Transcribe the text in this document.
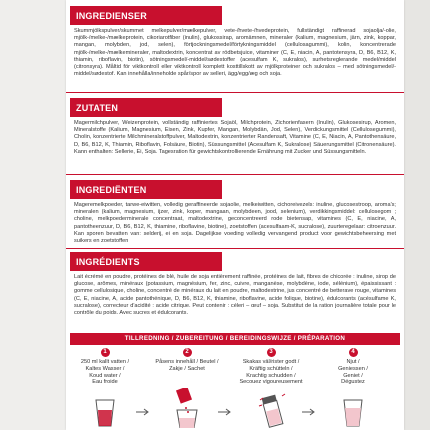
INGREDIENSER
Skummjölkspulver/skummet melkepulver/mælkepulver, vete-/hvete-/hvedeprotein, fullständigt raffinerad sojaolja/-olie, mjölk-/melke-/mælkeprotein, cikoriarotfiber (inulin), glukossirap, aromämnen, mineraler (kalium, magnesium, järn, zink, koppar, mangan, molybden, jod, selen), förtjockningsmedel/förtykningsmiddel (cellulosagummi), kolin, koncentrerade mjölk-/melke-/mælkemineraler, maltodextrin, koncentrat av rödbetsjuice, vitaminer (C, E, niacin, A, pantotensyra, D, B6, B12, K, thiamin, riboflavin, biotin), sötningsmedel/-middel/sødestoffer (acesulfam K, sukralos), surhetsreglerande medel/middel (citronsyra). Måltid för viktkontroll eller viktkontroll komplett kosttillskott av mjölkproteiner och sukralos – med sötningsmedel/-middel/sødestof. Kan innehålla/inneholde spår/spor av selleri, ägg/egg/æg och soja.
ZUTATEN
Magermilchpulver, Weizenprotein, vollständig raffiniertes Sojaöl, Milchprotein, Zichorienfasern (Inulin), Glukosesirup, Aromen, Mineralstoffe (Kalium, Magnesium, Eisen, Zink, Kupfer, Mangan, Molybdän, Jod, Selen), Verdickungsmittel (Cellulosegummi), Cholin, konzentrierte Milchmineralstoffpulver, Maltodextrin, konzentrierter Randensaft, Vitamine (C, E, Niacin, A, Pantothensäure, D, B6, B12, K, Thiamin, Riboflavin, Folsäure, Biotin), Süssungsmittel (Acesulfam K, Sukralose) Säuerungsmittel (Citronensäure). Kann enthalten: Sellerie, Ei, Soja. Tagesration für gewichtskontrollierende Ernährung mit Zucker und Süssungsmitteln.
INGREDIËNTEN
Mageremelkpoeder, tarwe-eiwitten, volledig geraffineerde sojaolie, melkeiwitten, cichoreivezels: inuline, glucosestroop, aroma's; mineralen (kalium, magnesium, ijzer, zink, koper, mangaan, molybdeen, jood, selenium), verdikkingsmiddel: cellulosegom ; choline, melkpoederminerale concentraat, maltodextrine, geconcentreerd rode bietensap, vitamines (C, E, niacine, A, pantotheenzuur, D, B6, B12, K, thiamine, riboflavine, biotine), zoetstoffen (acesulfaam-K, sucralose), zuurteregelaar: citroenzuur. Kan sporen bevatten van: selderij, ei en soja. Dagelijkse voeding volledig vervangend product voor gewichtsbeheersing met suikers en zoetstoffen
INGRÉDIENTS
Lait écrémé en poudre, protéines de blé, huile de soja entièrement raffinée, protéines de lait, fibres de chicorée : inuline, sirop de glucose, arômes, minéraux (potassium, magnésium, fer, zinc, cuivre, manganèse, molybdène, iode, sélénium), épaississant : gomme cellulosique, choline, concentré de minéraux du lait en poudre, maltodextrine, jus concentré de betterave rouge, vitamines (C, E, niacine, A, acide pantothénique, D, B6, B12, K, thiamine, riboflavine, acide folique, biotine), édulcorants (acésulfame K, sucralose), correcteur d'acidité : acide citrique. Peut contenir : céleri – œuf – soja. Substitut de la ration journalière totale pour le contrôle du poids. Avec sucres et édulcorants.
TILLREDNING / ZUBEREITUNG / BEREIDINGSWIJZE / PRÉPARATION
1
250 ml kallt vatten /
Kaltes Wasser /
Koud water /
Eau froide
2
Påsens innehåll / Beutel /
Zakje / Sachet
3
Skakas väl/rister godt /
Kräftig schütteln /
Krachtig schudden /
Secouez vigoureusement
4
Njut /
Geniessen /
Geniet /
Dégustez
